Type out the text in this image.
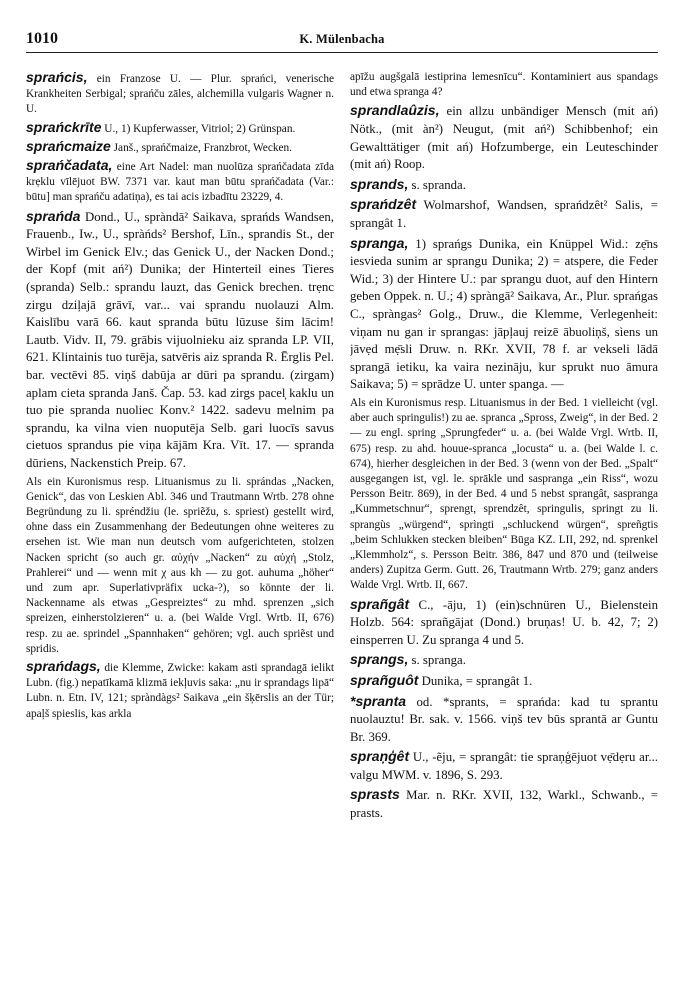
1010	K. Mülenbacha

sprańcis, ein Franzose U. — Plur. sprańci, venerische Krankheiten Serbigal; sprańču zāles, alchemilla vulgaris Wagner n. U.

sprańckrīte U., 1) Kupferwasser, Vitriol; 2) Grünspan.

sprańcmaize Janš., sprańčmaize, Franzbrot, Wecken.

sprańčadata, eine Art Nadel: man nuolūza sprańčadata zīda krẹklu vīlējuot BW. 7371 var. kaut man būtu sprańčadata (Var.: būtu] man sprańču adatiņa), es tai acis izbadītu 23229, 4.

sprańda Dond., U., spràndā² Saikava, sprańds Wandsen, Frauenb., Iw., U., spràńds² Bershof, Līn., sprandis St., der Wirbel im Genick Elv.; das Genick U., der Nacken Dond.; der Kopf (mit ań²) Dunika; der Hinterteil eines Tieres (spranda) Selb.: sprandu lauzt, das Genick brechen. trẹnc zirgu dziļajā grāvī, var... vai sprandu nuolauzi Alm. Kaislību varā 66. kaut spranda būtu lūzuse šim lācim! Lautb. Vidv. II, 79. grābis vijuolnieku aiz spranda LP. VII, 621. Klintainis tuo turēja, satvēris aiz spranda R. Ērglis Pel. bar. vectēvi 85. viņš dabūja ar dūri pa sprandu. (zirgam) aplam cieta spranda Janš. Čap. 53. kad zirgs pacel̦ kaklu un tuo pie spranda nuoliec Konv.² 1422. sadevu melnim pa sprandu, ka vilna vien nuoputēja Selb. gari luocīs savus cietuos sprandus pie viņa kājām Kra. Vīt. 17. — spranda dūriens, Nackenstich Preip. 67.

Als ein Kuronismus resp. Lituanismus zu li. sprándas „Nacken, Genick“, das von Leskien Abl. 346 und Trautmann Wrtb. 278 ohne Begründung zu li. spréndžiu (le. spriẽžu, s. spriest) gestellt wird, ohne dass ein Zusammenhang der Bedeutungen ohne weiteres zu ersehen ist. Wie man nun deutsch vom aufgerichteten, stolzen Nacken spricht (so auch gr. αὐχήν „Nacken“ zu αὐχή „Stolz, Prahlerei“ und — wenn mit χ aus kh — zu got. auhuma „höher“ und zum apr. Superlativpräfix ucka-?), so könnte der li. Nackenname als etwas „Gespreiztes“ zu mhd. sprenzen „sich spreizen, einherstolzieren“ u. a. (bei Walde Vrgl. Wrtb. II, 676) resp. zu ae. sprindel „Spannhaken“ gehören; vgl. auch spriẽst und spridis.

sprańdags, die Klemme, Zwicke: kakam asti sprandagā ielikt Lubn. (fig.) nepatīkamā klizmā iekļuvis saka: „nu ir sprandags lipā“ Lubn. n. Etn. IV, 121; spràndàgs² Saikava „ein šķērslis an der Tür; apaļš spieslis, kas arkla

apīžu augšgalā iestiprina lemesnīcu“. Kontaminiert aus spandags und etwa spranga 4?

sprandlaûzis, ein allzu unbändiger Mensch (mit ań) Nötk., (mit àn²) Neugut, (mit ań²) Schibbenhof; ein Gewalttätiger (mit ań) Hofzumberge, ein Leuteschinder (mit ań) Roop.

sprands, s. spranda.

sprańdzêt Wolmarshof, Wandsen, sprańdzêt² Salis, = sprangât 1.

spranga, 1) sprańgs Dunika, ein Knüppel Wid.: zẹ̄ns iesvieda sunim ar sprangu Dunika; 2) = atspere, die Feder Wid.; 3) der Hintere U.: par sprangu duot, auf den Hintern geben Oppek. n. U.; 4) spràngā² Saikava, Ar., Plur. sprańgas C., spràngas² Golg., Druw., die Klemme, Verlegenheit: viņam nu gan ir sprangas: jāpļauj reizē ābuoliņš, sìens un jāvẹd mẹ̄sli Druw. n. RKr. XVII, 78 f. ar vekseli lādā sprangā ietiku, ka vaira nezināju, kur sprukt nuo āmura Saikava; 5) = sprādze U. unter spanga. —

Als ein Kuronismus resp. Lituanismus in der Bed. 1 vielleicht (vgl. aber auch springulis!) zu ae. spranca „Spross, Zweig“, in der Bed. 2 — zu engl. spring „Sprungfeder“ u. a. (bei Walde Vrgl. Wrtb. II, 675) resp. zu ahd. houue-spranca „locusta“ u. a. (bei Walde l. c. 674), hierher desgleichen in der Bed. 3 (wenn von der Bed. „Spalt“ ausgegangen ist, vgl. le. sprākle und saspranga „ein Riss“, wozu Persson Beitr. 869), in der Bed. 4 und 5 nebst sprangât, saspranga „Kummetschnur“, sprengt, sprendzêt, springulis, springt zu li. sprangùs „würgend“, sprìngti „schluckend würgen“, spreñgtis „beim Schlukken stecken bleiben“ Būga KZ. LII, 292, nd. sprenkel „Klemmholz“, s. Persson Beitr. 386, 847 und 870 und (teilweise anders) Zupitza Germ. Gutt. 26, Trautmann Wrtb. 279; ganz anders Walde Vrgl. Wrtb. II, 667.

sprañgât C., -āju, 1) (ein)schnüren U., Bielenstein Holzb. 564: sprañgājat (Dond.) bruņas! U. b. 42, 7; 2) einsperren U. Zu spranga 4 und 5.

sprangs, s. spranga.

sprañguôt Dunika, = sprangât 1.

*spranta od. *sprants, = sprańda: kad tu sprantu nuolauztu! Br. sak. v. 1566. viņš tev būs sprantā ar Guntu Br. 369.

spraņģêt U., -ẽju, = sprangât: tie spraņģējuot vẹ̄dẹru ar... valgu MWM. v. 1896, S. 293.

sprasts Mar. n. RKr. XVII, 132, Warkl., Schwanb., = prasts.
